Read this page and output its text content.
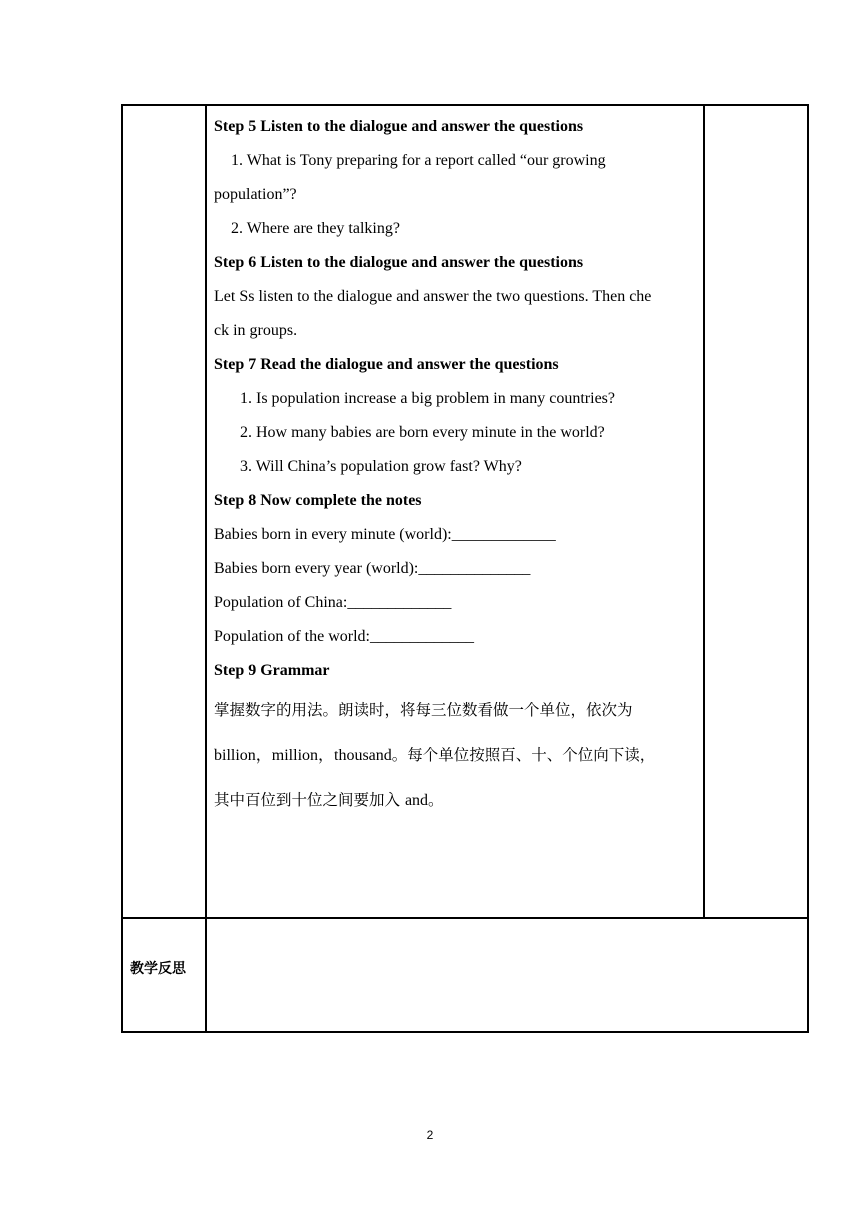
Step 5 Listen to the dialogue and answer the questions
1. What is Tony preparing for a report called “our growing
population”?
2. Where are they talking?
Step 6 Listen to the dialogue and answer the questions
Let Ss listen to the dialogue and answer the two questions. Then che
ck in groups.
Step 7 Read the dialogue and answer the questions
1. Is population increase a big problem in many countries?
2. How many babies are born every minute in the world?
3. Will China’s population grow fast? Why?
Step 8 Now complete the notes
Babies born in every minute (world):_____________
Babies born every year (world):______________
Population of China:_____________
Population of the world:_____________
Step 9 Grammar
掌握数字的用法。朗读时，将每三位数看做一个单位，依次为
billion，million，thousand。每个单位按照百、十、个位向下读，
其中百位到十位之间要加入 and。
教学反思
2
